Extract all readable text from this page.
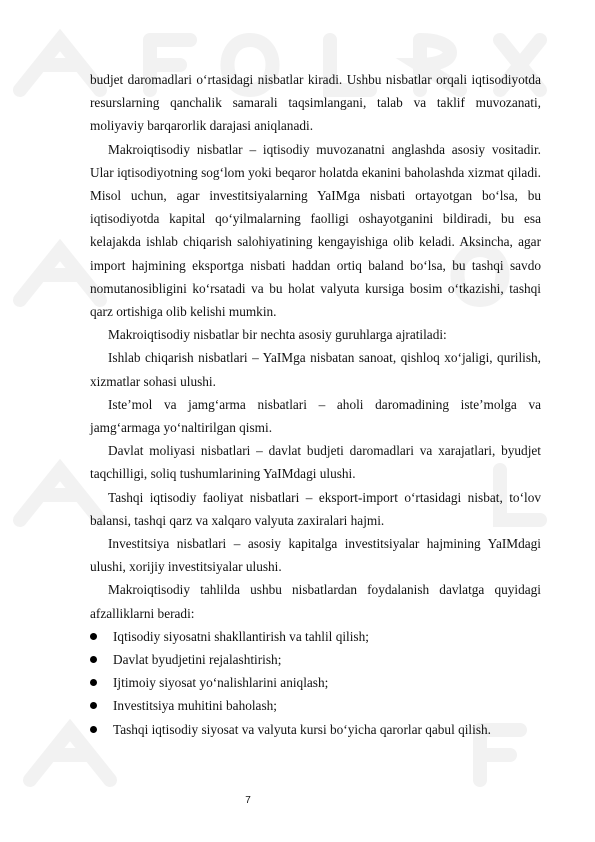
budjet daromadlari o‘rtasidagi nisbatlar kiradi. Ushbu nisbatlar orqali iqtisodiyotda resurslarning qanchalik samarali taqsimlangani, talab va taklif muvozanati, moliyaviy barqarorlik darajasi aniqlanadi.

Makroiqtisodiy nisbatlar – iqtisodiy muvozanatni anglashda asosiy vositadir. Ular iqtisodiyotning sog‘lom yoki beqaror holatda ekanini baholashda xizmat qiladi. Misol uchun, agar investitsiyalarning YaIMga nisbati ortayotgan bo‘lsa, bu iqtisodiyotda kapital qo‘yilmalarning faolligi oshayotganini bildiradi, bu esa kelajakda ishlab chiqarish salohiyatining kengayishiga olib keladi. Aksincha, agar import hajmining eksportga nisbati haddan ortiq baland bo‘lsa, bu tashqi savdo nomutanosibligini ko‘rsatadi va bu holat valyuta kursiga bosim o‘tkazishi, tashqi qarz ortishiga olib kelishi mumkin.

Makroiqtisodiy nisbatlar bir nechta asosiy guruhlarga ajratiladi:

Ishlab chiqarish nisbatlari – YaIMga nisbatan sanoat, qishloq xo‘jaligi, qurilish, xizmatlar sohasi ulushi.

Iste’mol va jamg‘arma nisbatlari – aholi daromadining iste’molga va jamg‘armaga yo‘naltirilgan qismi.

Davlat moliyasi nisbatlari – davlat budjeti daromadlari va xarajatlari, byudjet taqchilligi, soliq tushumlarining YaIMdagi ulushi.

Tashqi iqtisodiy faoliyat nisbatlari – eksport-import o‘rtasidagi nisbat, to‘lov balansi, tashqi qarz va xalqaro valyuta zaxiralari hajmi.

Investitsiya nisbatlari – asosiy kapitalga investitsiyalar hajmining YaIMdagi ulushi, xorijiy investitsiyalar ulushi.

Makroiqtisodiy tahlilda ushbu nisbatlardan foydalanish davlatga quyidagi afzalliklarni beradi:

Iqtisodiy siyosatni shakllantirish va tahlil qilish;
Davlat byudjetini rejalashtirish;
Ijtimoiy siyosat yo‘nalishlarini aniqlash;
Investitsiya muhitini baholash;
Tashqi iqtisodiy siyosat va valyuta kursi bo‘yicha qarorlar qabul qilish.
7
